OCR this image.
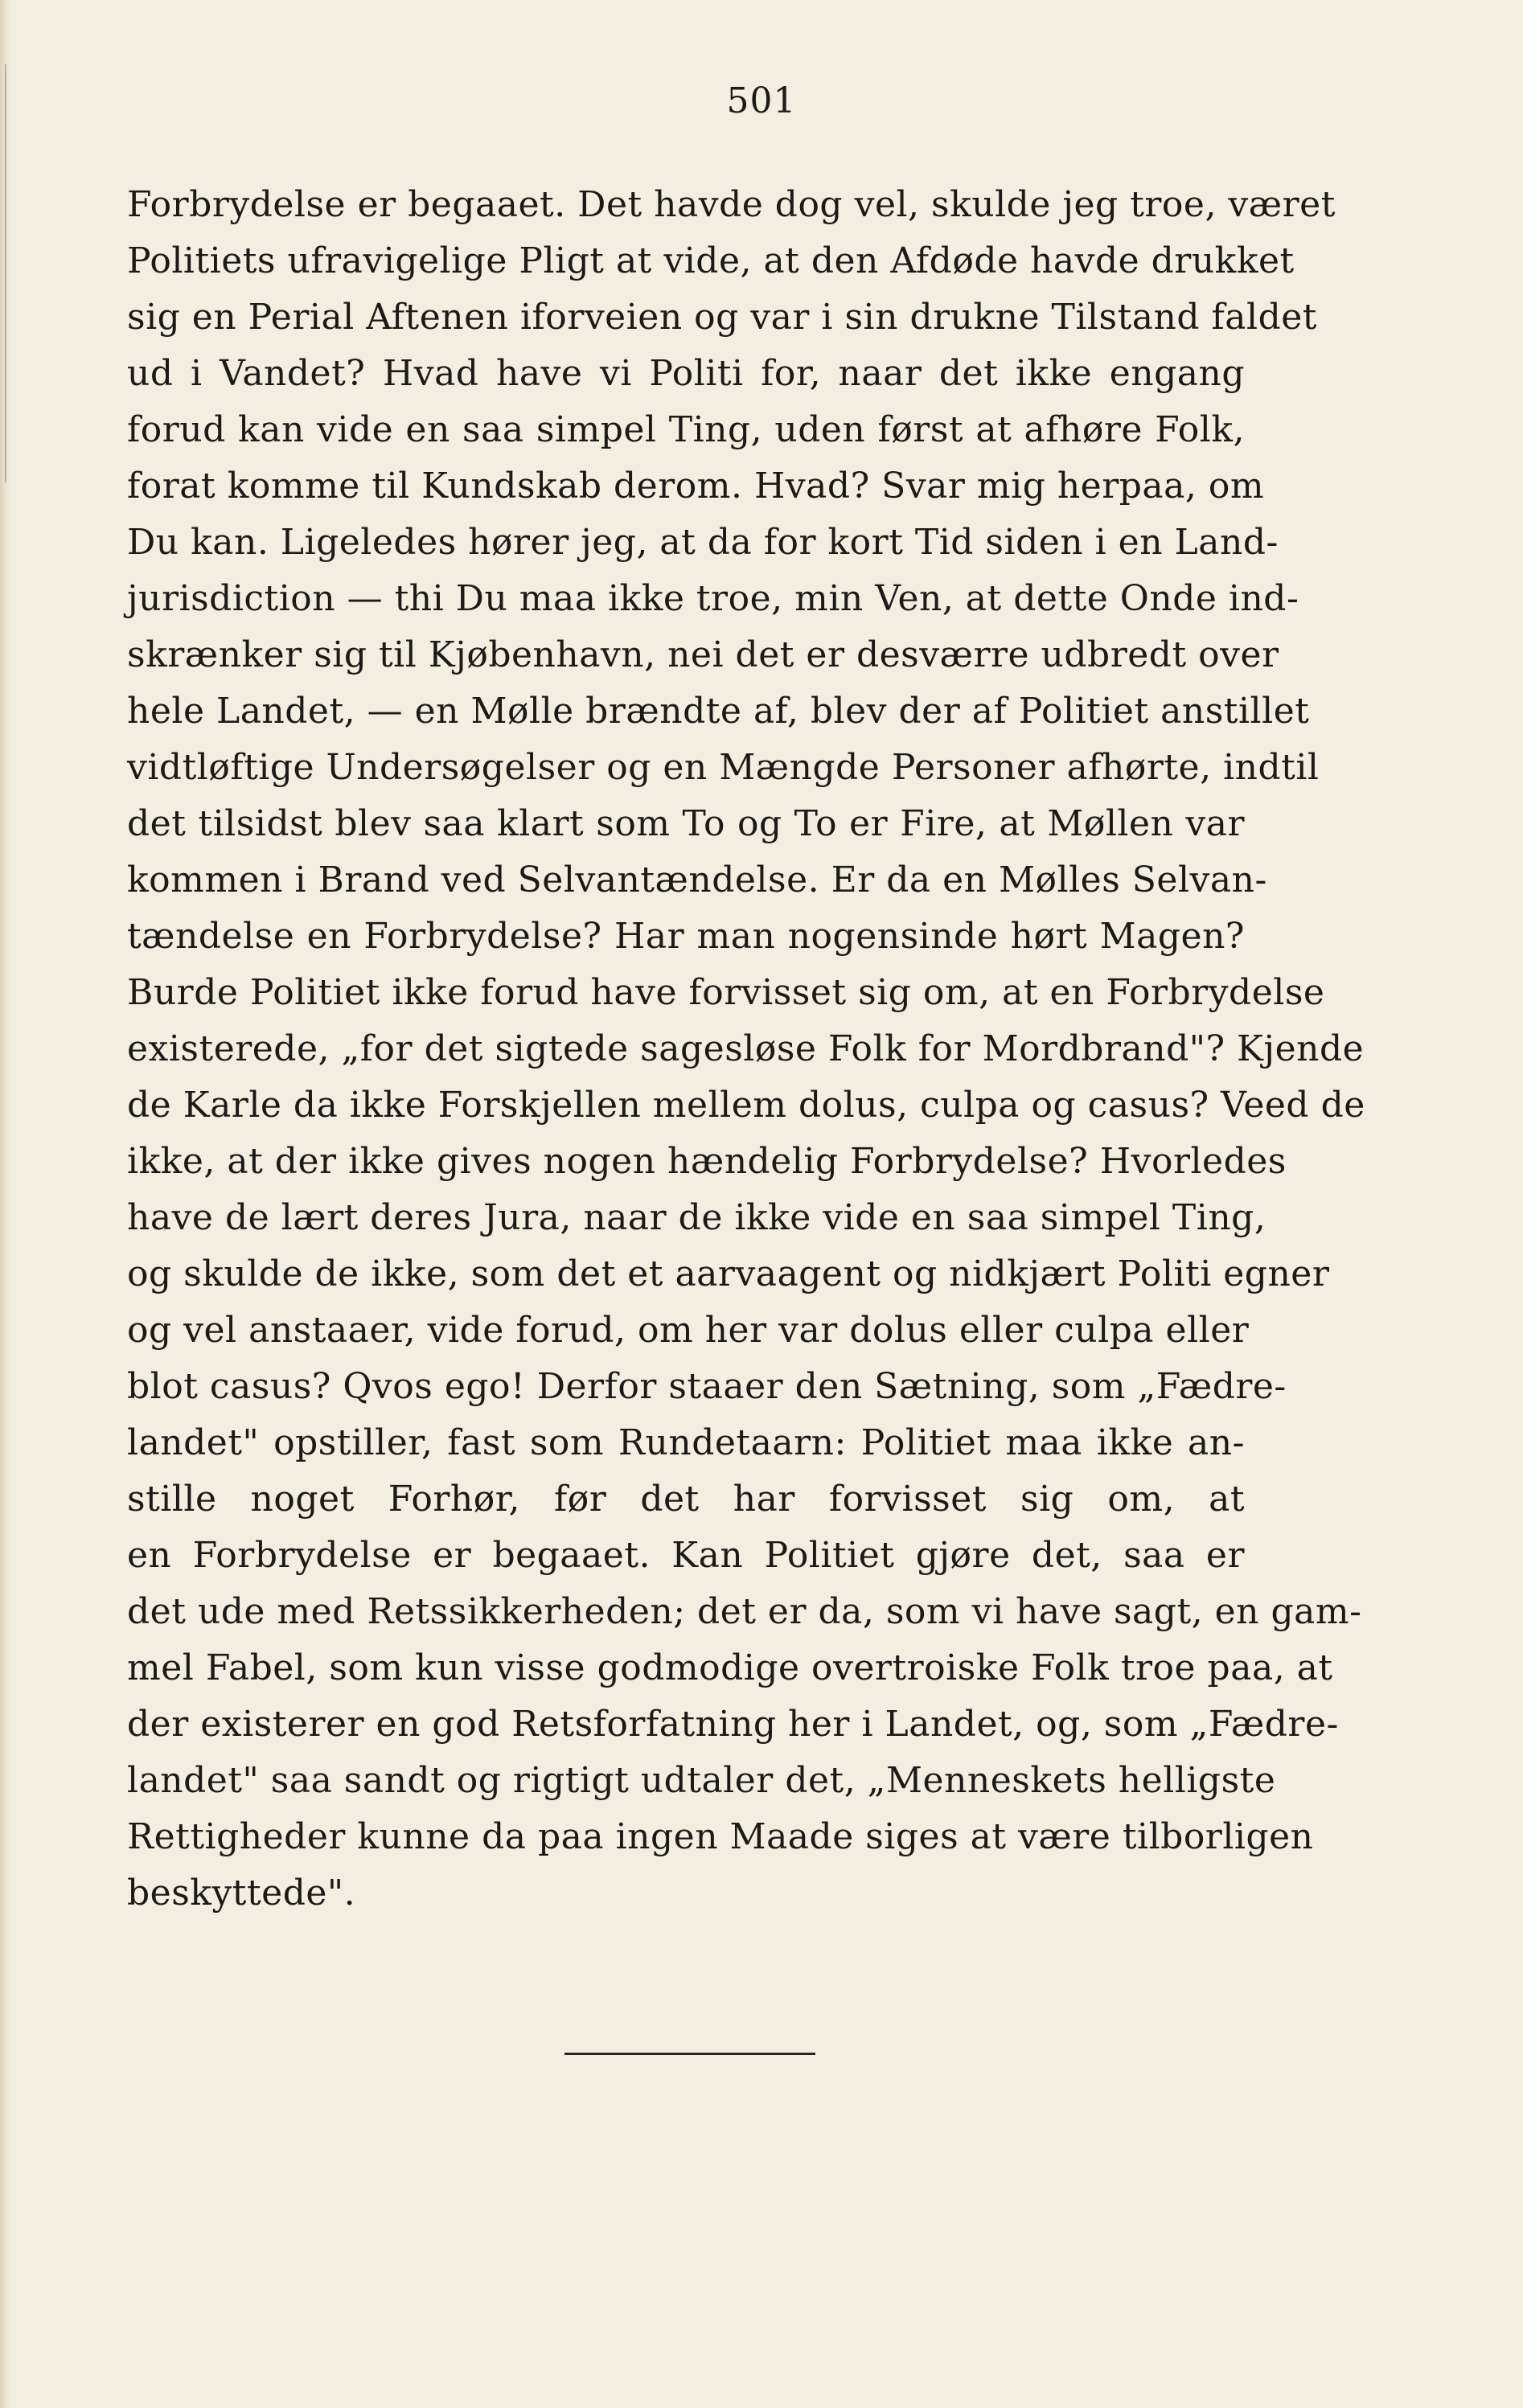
501
Forbrydelse er begaaet. Det havde dog vel, skulde jeg troe, været
Politiets ufravigelige Pligt at vide, at den Afdøde havde drukket
sig en Perial Aftenen iforveien og var i sin drukne Tilstand faldet
ud i Vandet? Hvad have vi Politi for, naar det ikke engang
forud kan vide en saa simpel Ting, uden først at afhøre Folk,
forat komme til Kundskab derom. Hvad? Svar mig herpaa, om
Du kan. Ligeledes hører jeg, at da for kort Tid siden i en Land-
jurisdiction — thi Du maa ikke troe, min Ven, at dette Onde ind-
skrænker sig til Kjøbenhavn, nei det er desværre udbredt over
hele Landet, — en Mølle brændte af, blev der af Politiet anstillet
vidtløftige Undersøgelser og en Mængde Personer afhørte, indtil
det tilsidst blev saa klart som To og To er Fire, at Møllen var
kommen i Brand ved Selvantændelse. Er da en Mølles Selvan-
tændelse en Forbrydelse? Har man nogensinde hørt Magen?
Burde Politiet ikke forud have forvisset sig om, at en Forbrydelse
existerede, „for det sigtede sagesløse Folk for Mordbrand"? Kjende
de Karle da ikke Forskjellen mellem dolus, culpa og casus? Veed de
ikke, at der ikke gives nogen hændelig Forbrydelse? Hvorledes
have de lært deres Jura, naar de ikke vide en saa simpel Ting,
og skulde de ikke, som det et aarvaagent og nidkjært Politi egner
og vel anstaaer, vide forud, om her var dolus eller culpa eller
blot casus? Qvos ego! Derfor staaer den Sætning, som „Fædre-
landet" opstiller, fast som Rundetaarn: Politiet maa ikke an-
stille noget Forhør, før det har forvisset sig om, at
en Forbrydelse er begaaet. Kan Politiet gjøre det, saa er
det ude med Retssikkerheden; det er da, som vi have sagt, en gam-
mel Fabel, som kun visse godmodige overtroiske Folk troe paa, at
der existerer en god Retsforfatning her i Landet, og, som „Fædre-
landet" saa sandt og rigtigt udtaler det, „Menneskets helligste
Rettigheder kunne da paa ingen Maade siges at være tilborligen
beskyttede".
